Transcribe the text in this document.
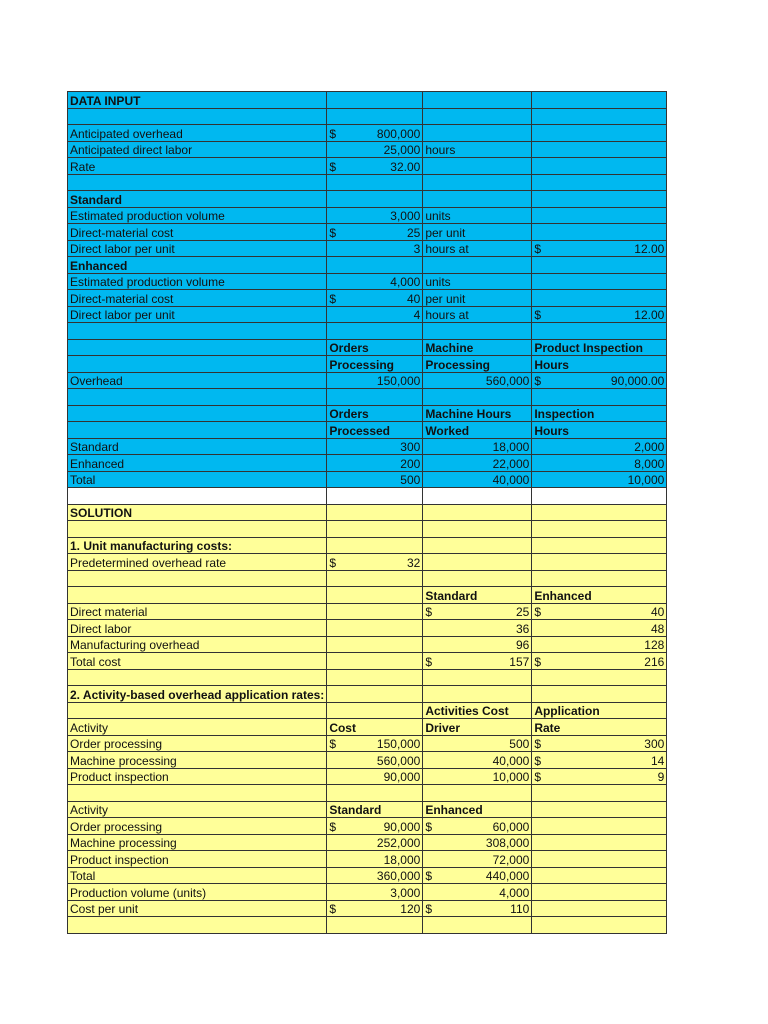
DATA INPUT			

Anticipated overhead	$ 800,000		

Anticipated direct labor	25,000	hours	
Rate	$ 32.00		

Standard			
Estimated production volume	3,000	units	
Direct-material cost	$ 25	per unit	
Direct labor per unit	3	hours at	$ 12.00

Enhanced			
Estimated production volume	4,000	units	
Direct-material cost	$ 40	per unit	
Direct labor per unit	4	hours at	$ 12.00

	Orders	Machine	Product Inspection
	Processing	Processing	Hours
Overhead	150,000	560,000	$ 90,000.00

	Orders	Machine Hours	Inspection
	Processed	Worked	Hours
Standard	300	18,000	2,000

Enhanced	200	22,000	8,000

Total	500	40,000	10,000

SOLUTION			

1. Unit manufacturing costs:			
Predetermined overhead rate	$ 32		

		Standard	Enhanced
Direct material		$ 25	$ 40

Direct labor		36	48

Manufacturing overhead		96	128

Total cost		$ 157	$ 216

2. Activity-based overhead application rates:			
		Activities Cost	Application
Activity	Cost	Driver	Rate
Order processing	$ 150,000	500	$ 300

Machine processing	560,000	40,000	$ 14

Product inspection	90,000	10,000	$ 9

Activity	Standard	Enhanced	
Order processing	$ 90,000	$ 60,000	

Machine processing	252,000	308,000	

Product inspection	18,000	72,000	

Total	360,000	$ 440,000	

Production volume (units)	3,000	4,000	

Cost per unit	$ 120	$ 110	
